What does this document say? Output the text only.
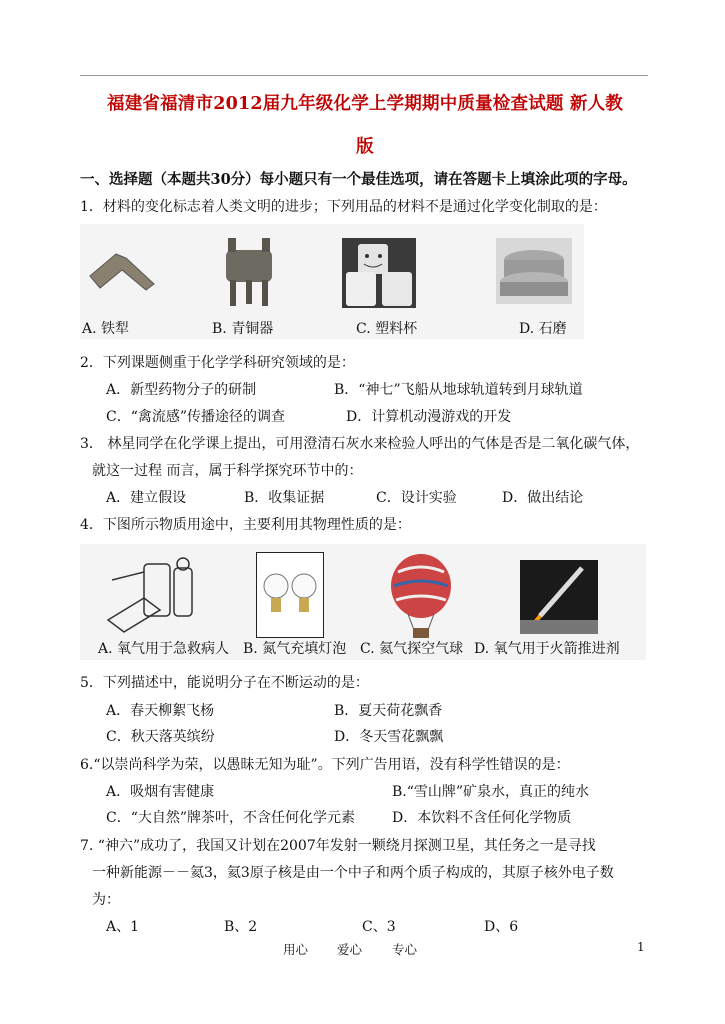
福建省福清市2012届九年级化学上学期期中质量检查试题 新人教
版
一、选择题（本题共30分）每小题只有一个最佳选项，请在答题卡上填涂此项的字母。
1．材料的变化标志着人类文明的进步；下列用品的材料不是通过化学变化制取的是：
A. 铁犁	B. 青铜器	C. 塑料杯	D. 石磨
2．下列课题侧重于化学学科研究领域的是：
A．新型药物分子的研制	B．“神七”飞船从地球轨道转到月球轨道
C．“禽流感”传播途径的调查	D．计算机动漫游戏的开发
3． 林星同学在化学课上提出，可用澄清石灰水来检验人呼出的气体是否是二氧化碳气体，
就这一过程 而言，属于科学探究环节中的：
A．建立假设	B．收集证据	C．设计实验	D．做出结论
4．下图所示物质用途中，主要利用其物理性质的是：
A. 氧气用于急救病人 B. 氮气充填灯泡 C. 氦气探空气球 D. 氧气用于火箭推进剂
5．下列描述中，能说明分子在不断运动的是：
A．春天柳絮飞杨	B．夏天荷花飘香
C．秋天落英缤纷	D．冬天雪花飘飘
6.“以崇尚科学为荣，以愚昧无知为耻”。下列广告用语，没有科学性错误的是：
A．吸烟有害健康	B.“雪山牌”矿泉水，真正的纯水
C．“大自然”牌茶叶，不含任何化学元素	D．本饮料不含任何化学物质
7. “神六”成功了，我国又计划在2007年发射一颗绕月探测卫星，其任务之一是寻找
一种新能源－－氦3，氦3原子核是由一个中子和两个质子构成的，其原子核外电子数
为：
A、1	B、2	C、3	D、6
用心 爱心 专心	1
